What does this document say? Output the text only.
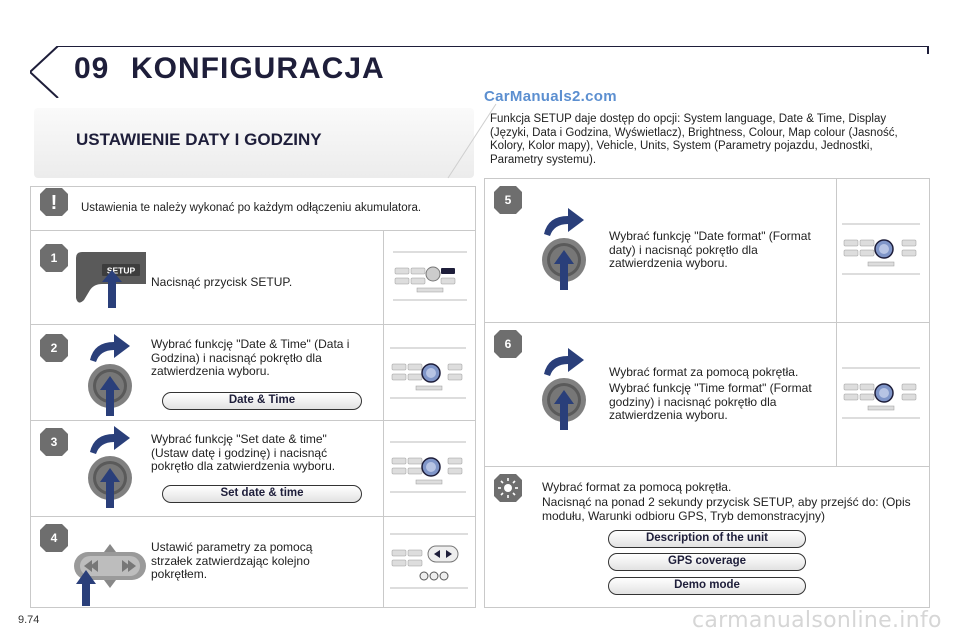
09 KONFIGURACJA
CarManuals2.com
USTAWIENIE DATY I GODZINY
Funkcja SETUP daje dostęp do opcji: System language, Date & Time, Display (Języki, Data i Godzina, Wyświetlacz), Brightness, Colour, Map colour (Jasność, Kolory, Kolor mapy), Vehicle, Units, System (Parametry pojazdu, Jednostki, Parametry systemu).
! Ustawienia te należy wykonać po każdym odłączeniu akumulatora.
1
SETUP
Nacisnąć przycisk SETUP.
2	Wybrać funkcję "Date & Time" (Data i Godzina) i nacisnąć pokrętło dla zatwierdzenia wyboru.
Date & Time
3	Wybrać funkcję "Set date & time" (Ustaw datę i godzinę) i nacisnąć pokrętło dla zatwierdzenia wyboru.
Set date & time
4
Ustawić parametry za pomocą strzałek zatwierdzając kolejno pokrętłem.
5
Wybrać funkcję "Date format" (Format daty) i nacisnąć pokrętło dla zatwierdzenia wyboru.
6
Wybrać format za pomocą pokrętła.
Wybrać funkcję "Time format" (Format godziny) i nacisnąć pokrętło dla zatwierdzenia wyboru.
Wybrać format za pomocą pokrętła.
Nacisnąć na ponad 2 sekundy przycisk SETUP, aby przejść do: (Opis modułu, Warunki odbioru GPS, Tryb demonstracyjny)
Description of the unit
GPS coverage
Demo mode
9.74	carmanualsonline.info
